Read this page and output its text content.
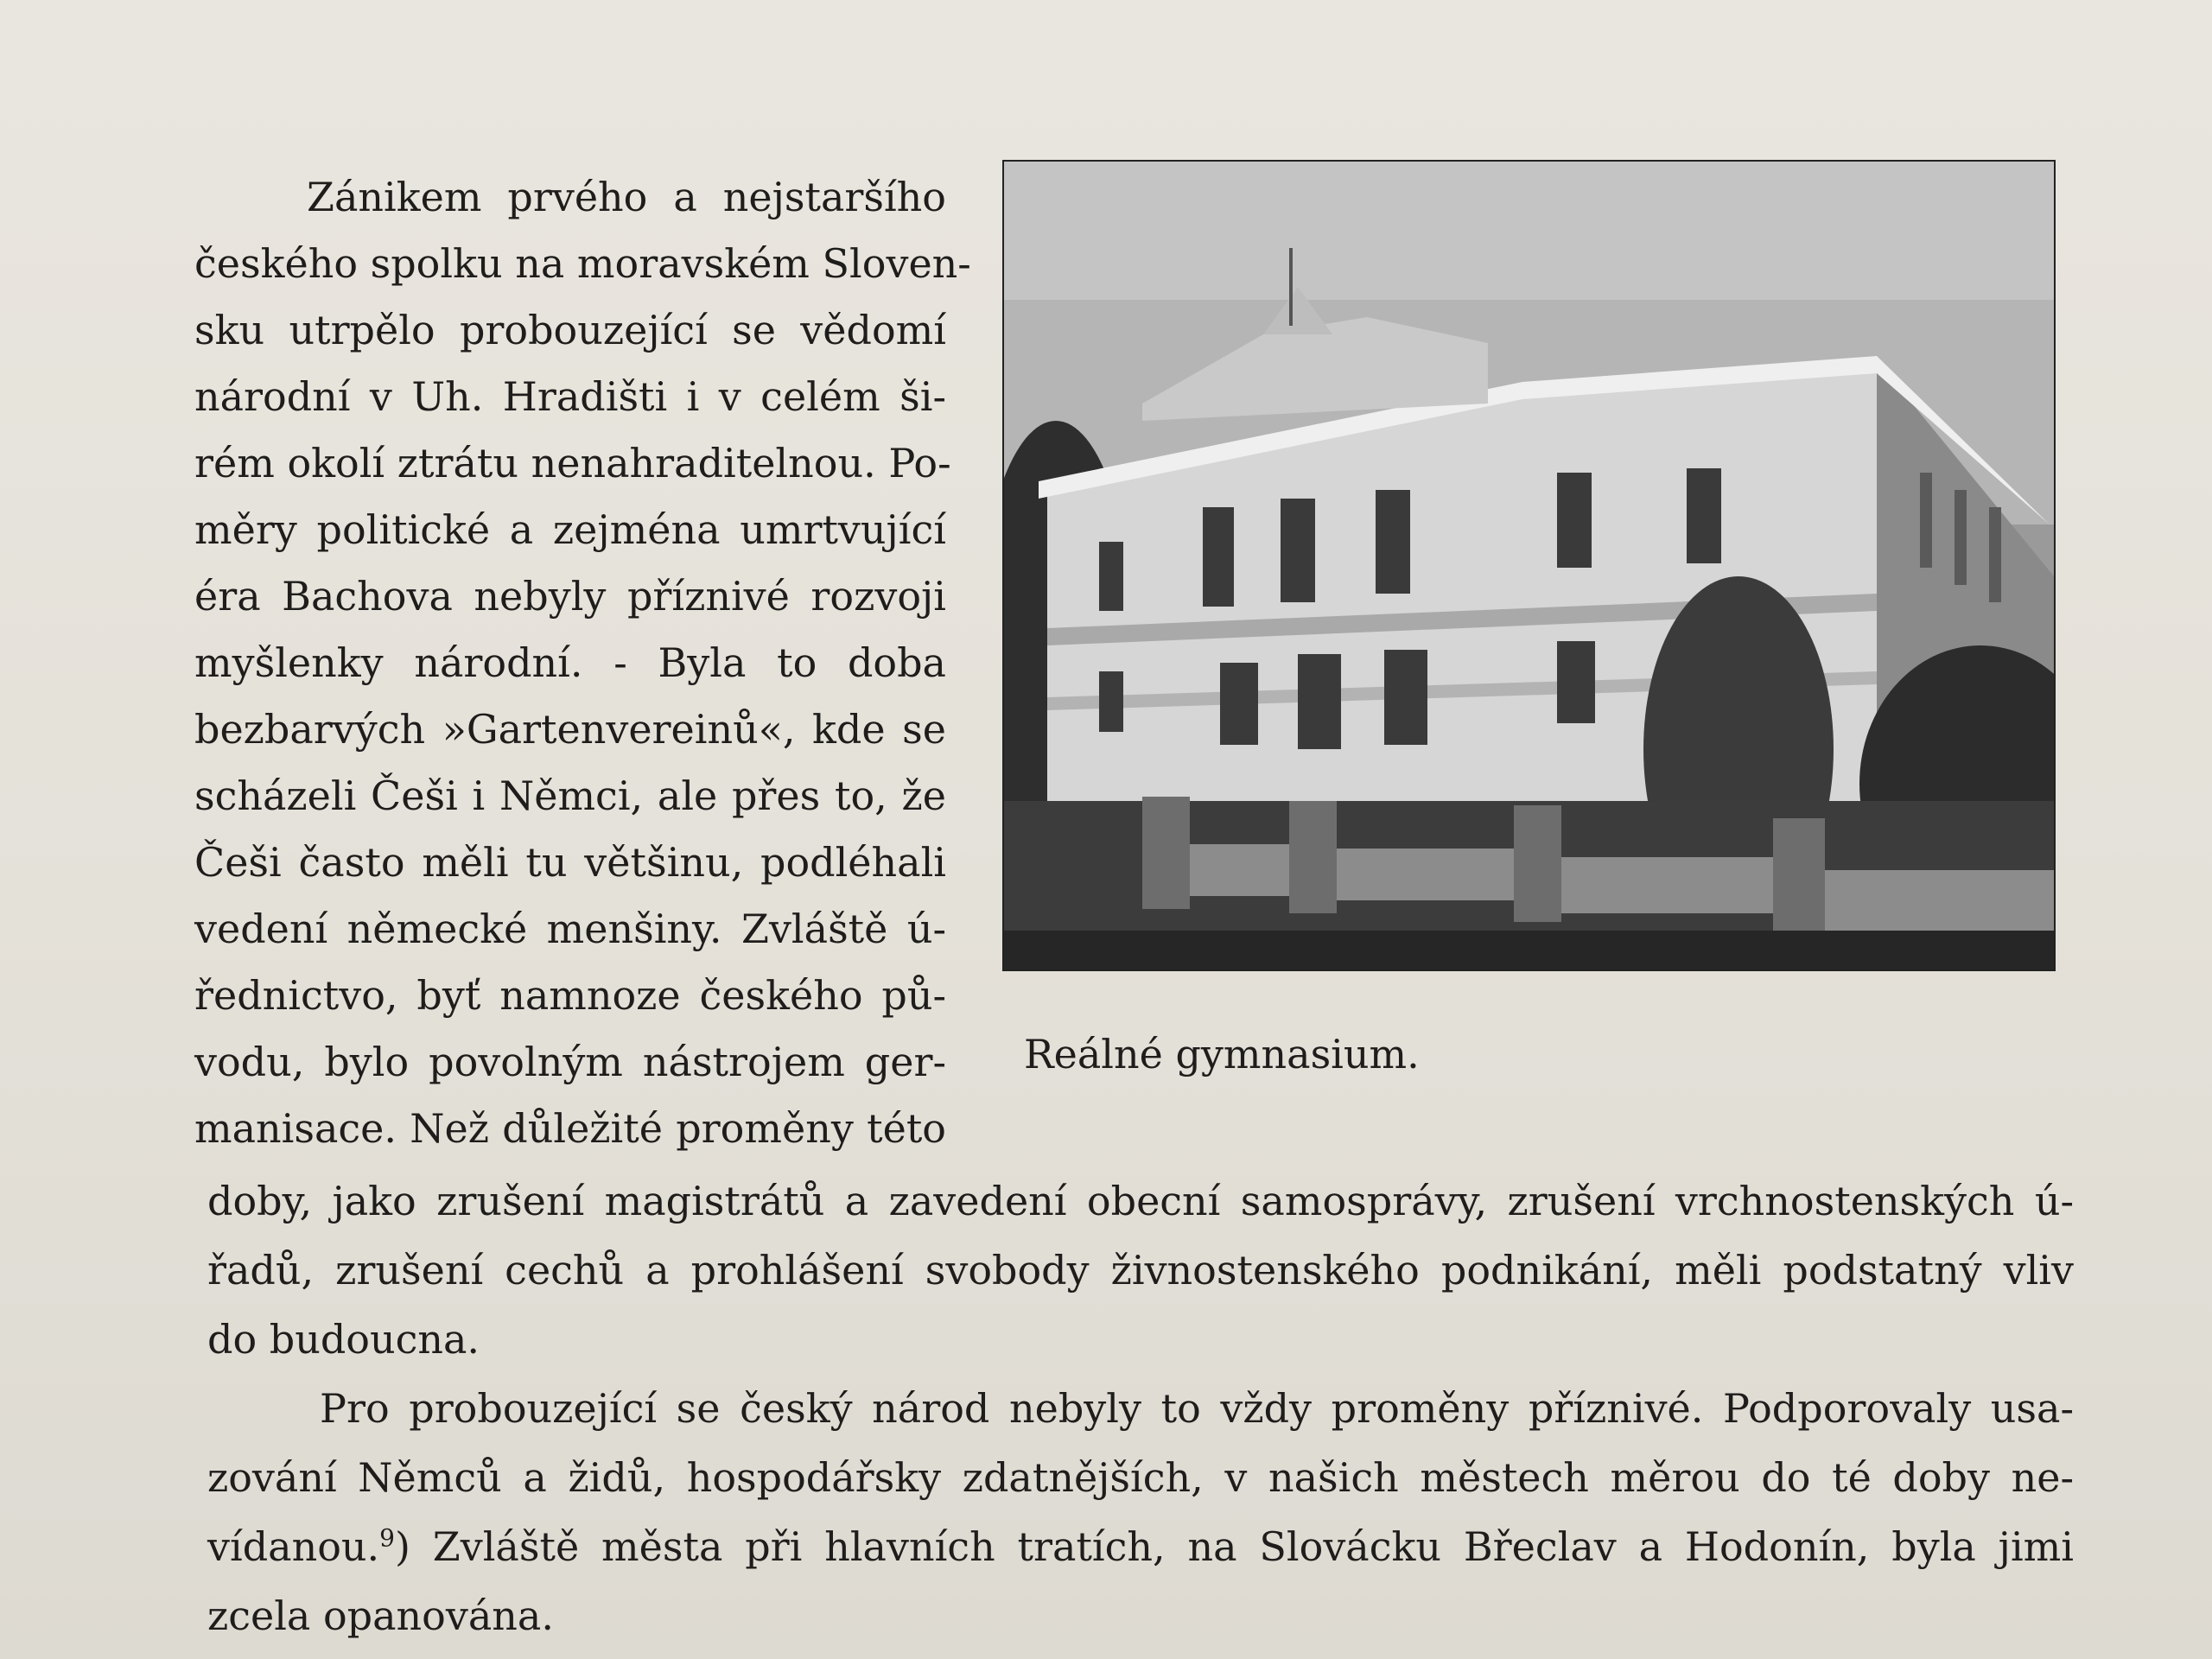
Zánikem prvého a nejstaršího
českého spolku na moravském Sloven-
sku utrpělo probouzející se vědomí
národní v Uh. Hradišti i v celém ši-
rém okolí ztrátu nenahraditelnou. Po-
měry politické a zejména umrtvující
éra Bachova nebyly příznivé rozvoji
myšlenky národní. - Byla to doba
bezbarvých »Gartenvereinů«, kde se
scházeli Češi i Němci, ale přes to, že
Češi často měli tu většinu, podléhali
vedení německé menšiny. Zvláště ú-
řednictvo, byť namnoze českého pů-
vodu, bylo povolným nástrojem ger-
manisace. Než důležité proměny této
Reálné gymnasium.
doby, jako zrušení magistrátů a zavedení obecní samosprávy, zrušení vrchnostenských ú-
řadů, zrušení cechů a prohlášení svobody živnostenského podnikání, měli podstatný vliv
do budoucna.
Pro probouzející se český národ nebyly to vždy proměny příznivé. Podporovaly usa-
zování Němců a židů, hospodářsky zdatnějších, v našich městech měrou do té doby ne-
vídanou.$^9$) Zvláště města při hlavních tratích, na Slovácku Břeclav a Hodonín, byla jimi
zcela opanována.
